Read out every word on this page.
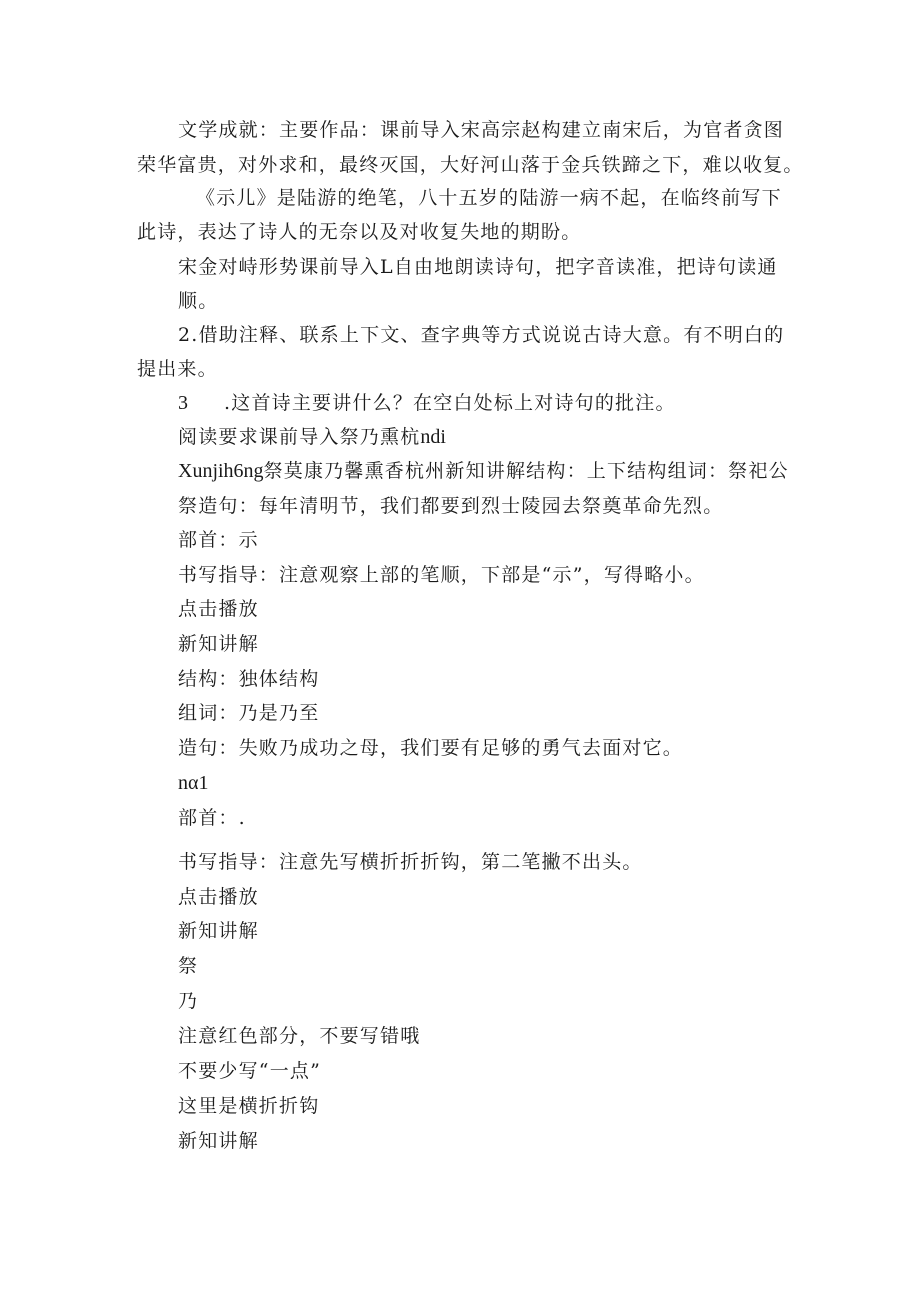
文学成就：主要作品：课前导入宋高宗赵构建立南宋后，为官者贪图
荣华富贵，对外求和，最终灭国，大好河山落于金兵铁蹄之下，难以收复。
《示儿》是陆游的绝笔，八十五岁的陆游一病不起，在临终前写下
此诗，表达了诗人的无奈以及对收复失地的期盼。
宋金对峙形势课前导入L自由地朗读诗句，把字音读准，把诗句读通
顺。
2.借助注释、联系上下文、查字典等方式说说古诗大意。有不明白的
提出来。
3 .这首诗主要讲什么？在空白处标上对诗句的批注。
阅读要求课前导入祭乃熏杭ndi
Xunjih6ng祭莫康乃馨熏香杭州新知讲解结构：上下结构组词：祭祀公
祭造句：每年清明节，我们都要到烈士陵园去祭奠革命先烈。
部首：示
书写指导：注意观察上部的笔顺，下部是“示”，写得略小。
点击播放
新知讲解
结构：独体结构
组词：乃是乃至
造句：失败乃成功之母，我们要有足够的勇气去面对它。
nα1
部首：.
书写指导：注意先写横折折折钩，第二笔撇不出头。
点击播放
新知讲解
祭
乃
注意红色部分，不要写错哦
不要少写“一点”
这里是横折折钩
新知讲解
